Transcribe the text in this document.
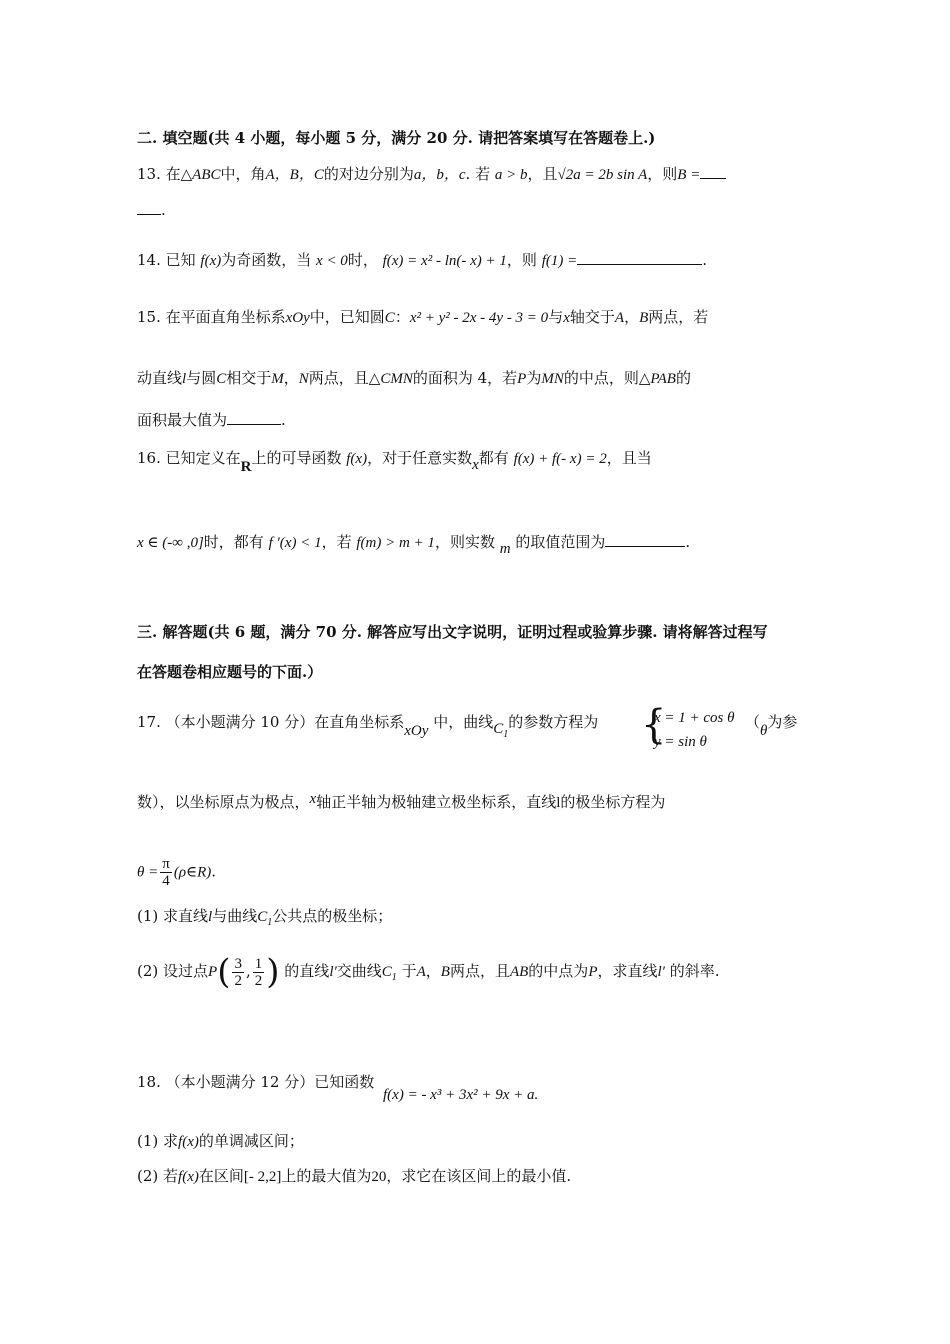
二. 填空题(共 4 小题，每小题 5 分，满分 20 分. 请把答案填写在答题卷上.)
13. 在△ABC中，角A，B，C的对边分别为a，b，c. 若 a > b，且√2a = 2b sin A，则B =
.
14. 已知 f(x)为奇函数，当 x < 0时， f(x) = x² - ln(- x) + 1，则 f(1) =	.
15. 在平面直角坐标系xOy中，已知圆C：x² + y² - 2x - 4y - 3 = 0与x轴交于A，B两点，若
动直线l与圆C相交于M，N两点，且△CMN的面积为 4，若P为MN的中点，则△PAB的
面积最大值为	.
16. 已知定义在R上的可导函数 f(x)，对于任意实数x都有 f(x) + f(- x) = 2，且当
x ∈ (-∞ ,0]时，都有 f ′(x) < 1，若 f(m) > m + 1，则实数 m 的取值范围为	.
三. 解答题(共 6 题，满分 70 分. 解答应写出文字说明，证明过程或验算步骤. 请将解答过程写
在答题卷相应题号的下面.）
17. （本小题满分 10 分）在直角坐标系xOy 中，曲线$C_1$的参数方程为 {
x = 1 + cos θ
y = sin θ
（θ为参
数），以坐标原点为极点，x轴正半轴为极轴建立极坐标系，直线l的极坐标方程为
$\theta = \frac{\pi}{4}$ (ρ∈R).
(1) 求直线l与曲线$C_1$公共点的极坐标；
(2) 设过点$P( \frac{3}{2}$ , $\frac{1}{2}$ ) 的直线l′交曲线$C_1$ 于A，B两点，且AB的中点为P，求直线l′ 的斜率.
18. （本小题满分 12 分）已知函数
f(x) = - x³ + 3x² + 9x + a.
(1) 求f(x)的单调减区间；
(2) 若f(x)在区间[- 2,2]上的最大值为20，求它在该区间上的最小值.
